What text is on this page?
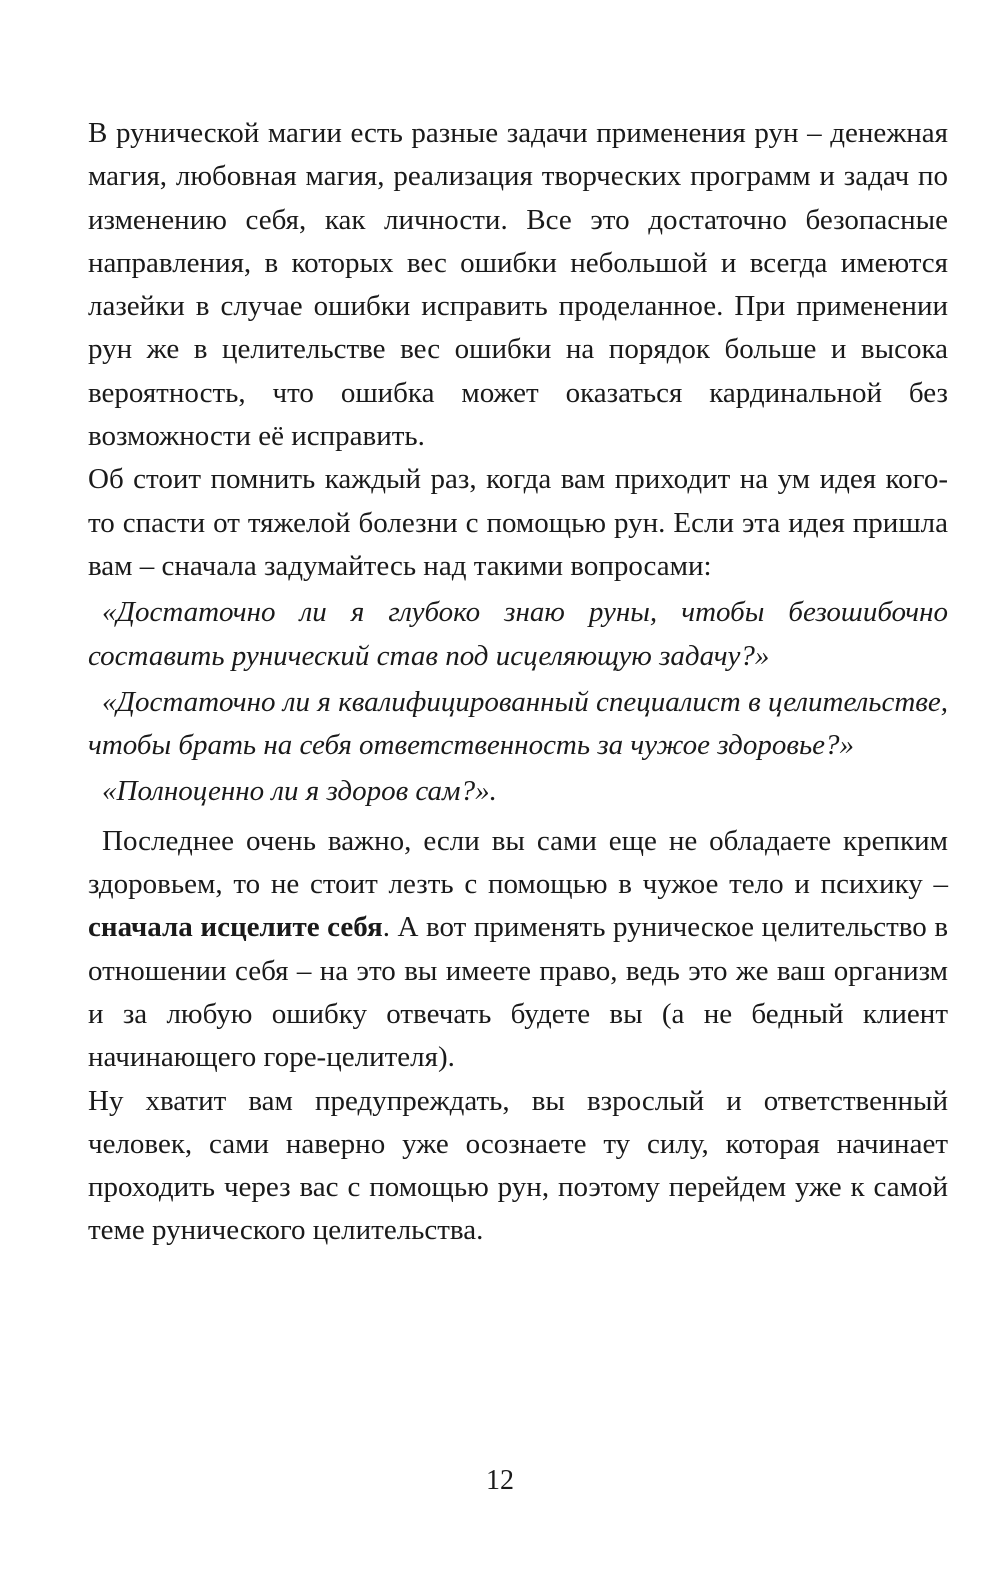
В рунической магии есть разные задачи применения рун – денежная магия, любовная магия, реализация творческих программ и задач по изменению себя, как личности. Все это достаточно безопасные направления, в которых вес ошибки небольшой и всегда имеются лазейки в случае ошибки исправить проделанное. При применении рун же в целительстве вес ошибки на порядок больше и высока вероятность, что ошибка может оказаться кардинальной без возможности её исправить.

Об стоит помнить каждый раз, когда вам приходит на ум идея кого-то спасти от тяжелой болезни с помощью рун. Если эта идея пришла вам – сначала задумайтесь над такими вопросами:

«Достаточно ли я глубоко знаю руны, чтобы безошибочно составить рунический став под исцеляющую задачу?»

«Достаточно ли я квалифицированный специалист в целительстве, чтобы брать на себя ответственность за чужое здоровье?»

«Полноценно ли я здоров сам?».

Последнее очень важно, если вы сами еще не обладаете крепким здоровьем, то не стоит лезть с помощью в чужое тело и психику – сначала исцелите себя. А вот применять руническое целительство в отношении себя – на это вы имеете право, ведь это же ваш организм и за любую ошибку отвечать будете вы (а не бедный клиент начинающего горе-целителя).

Ну хватит вам предупреждать, вы взрослый и ответственный человек, сами наверно уже осознаете ту силу, которая начинает проходить через вас с помощью рун, поэтому перейдем уже к самой теме рунического целительства.

12
